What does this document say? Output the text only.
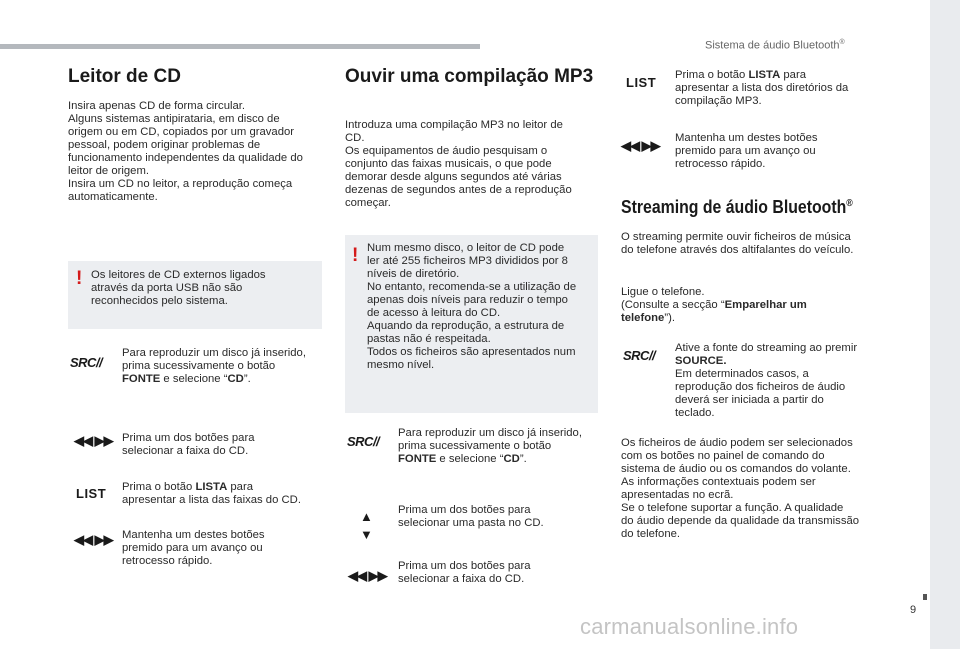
Sistema de áudio Bluetooth®
9
carmanualsonline.info
Leitor de CD
Insira apenas CD de forma circular.
Alguns sistemas antipirataria, em disco de
origem ou em CD, copiados por um gravador
pessoal, podem originar problemas de
funcionamento independentes da qualidade do
leitor de origem.
Insira um CD no leitor, a reprodução começa
automaticamente.
! Os leitores de CD externos ligados
através da porta USB não são
reconhecidos pelo sistema.
SRC//
Para reproduzir um disco já inserido,
prima sucessivamente o botão
FONTE e selecione “CD”.
◀◀ ▶▶ Prima um dos botões para
selecionar a faixa do CD.
LIST Prima o botão LISTA para
apresentar a lista das faixas do CD.
◀◀ ▶▶ Mantenha um destes botões
premido para um avanço ou
retrocesso rápido.
Ouvir uma compilação MP3
Introduza uma compilação MP3 no leitor de
CD.
Os equipamentos de áudio pesquisam o
conjunto das faixas musicais, o que pode
demorar desde alguns segundos até várias
dezenas de segundos antes de a reprodução
começar.
! Num mesmo disco, o leitor de CD pode
ler até 255 ficheiros MP3 divididos por 8
níveis de diretório.
No entanto, recomenda-se a utilização de
apenas dois níveis para reduzir o tempo
de acesso à leitura do CD.
Aquando da reprodução, a estrutura de
pastas não é respeitada.
Todos os ficheiros são apresentados num
mesmo nível.
SRC//
Para reproduzir um disco já inserido,
prima sucessivamente o botão
FONTE e selecione “CD”.
▲
▼
Prima um dos botões para
selecionar uma pasta no CD.
◀◀ ▶▶
Prima um dos botões para
selecionar a faixa do CD.
LIST Prima o botão LISTA para
apresentar a lista dos diretórios da
compilação MP3.
◀◀ ▶▶ Mantenha um destes botões
premido para um avanço ou
retrocesso rápido.
Streaming de áudio Bluetooth®
O streaming permite ouvir ficheiros de música
do telefone através dos altifalantes do veículo.
Ligue o telefone.
(Consulte a secção “Emparelhar um
telefone”).
SRC// Ative a fonte do streaming ao premir
SOURCE.
Em determinados casos, a
reprodução dos ficheiros de áudio
deverá ser iniciada a partir do
teclado.
Os ficheiros de áudio podem ser selecionados
com os botões no painel de comando do
sistema de áudio ou os comandos do volante.
As informações contextuais podem ser
apresentadas no ecrã.
Se o telefone suportar a função. A qualidade
do áudio depende da qualidade da transmissão
do telefone.
